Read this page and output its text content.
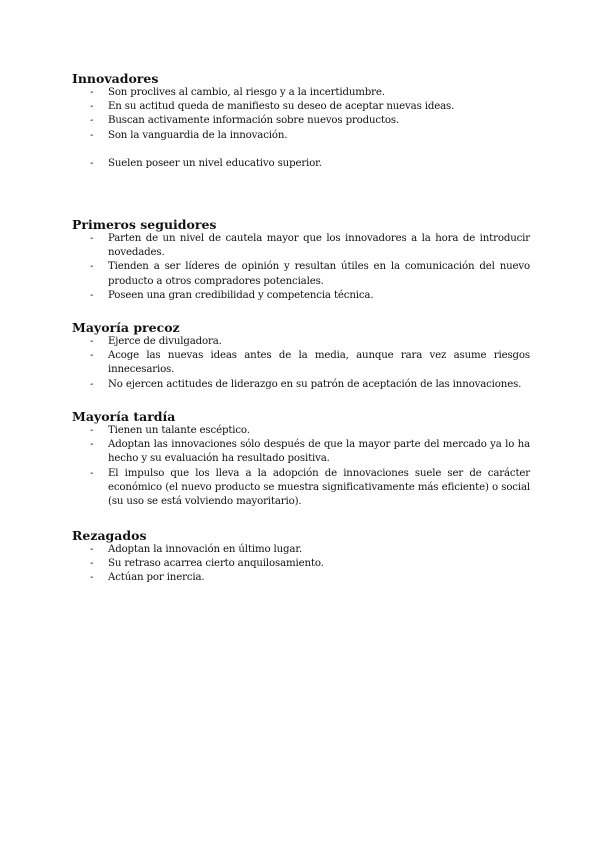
Innovadores
- Son proclives al cambio, al riesgo y a la incertidumbre.
- En su actitud queda de manifiesto su deseo de aceptar nuevas ideas.
- Buscan activamente información sobre nuevos productos.
- Son la vanguardia de la innovación.
- Suelen poseer un nivel educativo superior.
Primeros seguidores
- Parten de un nivel de cautela mayor que los innovadores a la hora de introducir novedades.
- Tienden a ser líderes de opinión y resultan útiles en la comunicación del nuevo producto a otros compradores potenciales.
- Poseen una gran credibilidad y competencia técnica.
Mayoría precoz
- Ejerce de divulgadora.
- Acoge las nuevas ideas antes de la media, aunque rara vez asume riesgos innecesarios.
- No ejercen actitudes de liderazgo en su patrón de aceptación de las innovaciones.
Mayoría tardía
- Tienen un talante escéptico.
- Adoptan las innovaciones sólo después de que la mayor parte del mercado ya lo ha hecho y su evaluación ha resultado positiva.
- El impulso que los lleva a la adopción de innovaciones suele ser de carácter económico (el nuevo producto se muestra significativamente más eficiente) o social (su uso se está volviendo mayoritario).
Rezagados
- Adoptan la innovación en último lugar.
- Su retraso acarrea cierto anquilosamiento.
- Actúan por inercia.
